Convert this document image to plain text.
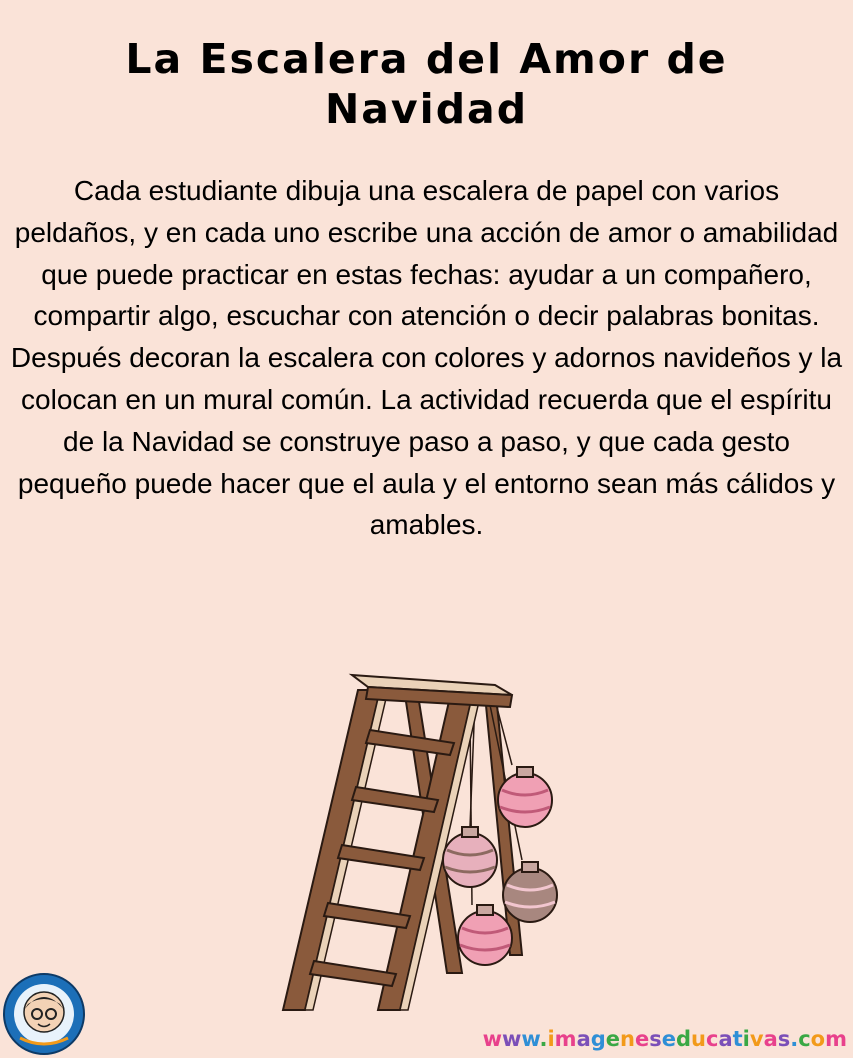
La Escalera del Amor de Navidad

Cada estudiante dibuja una escalera de papel con varios peldaños, y en cada uno escribe una acción de amor o amabilidad que puede practicar en estas fechas: ayudar a un compañero, compartir algo, escuchar con atención o decir palabras bonitas. Después decoran la escalera con colores y adornos navideños y la colocan en un mural común. La actividad recuerda que el espíritu de la Navidad se construye paso a paso, y que cada gesto pequeño puede hacer que el aula y el entorno sean más cálidos y amables.

www.imageneseducativas.com
